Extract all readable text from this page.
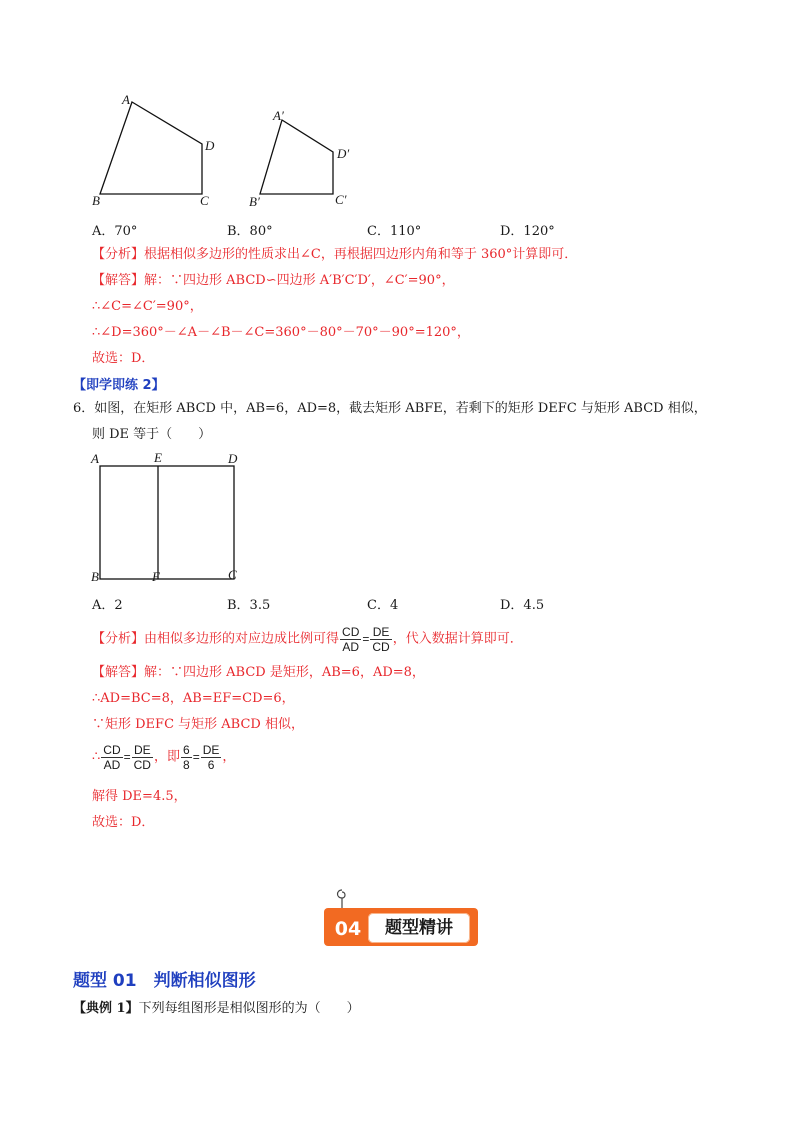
A
D
B	C
A′
D′
B′	C′
A．70°	B．80°	C．110°	D．120°
【分析】根据相似多边形的性质求出∠C，再根据四边形内角和等于 360°计算即可．
【解答】解：∵四边形 ABCD∽四边形 A′B′C′D′，∠C′=90°，
∴∠C=∠C′=90°，
∴∠D=360°－∠A－∠B－∠C=360°－80°－70°－90°=120°，
故选：D．
【即学即练 2】
6．如图，在矩形 ABCD 中，AB=6，AD=8，截去矩形 ABFE，若剩下的矩形 DEFC 与矩形 ABCD 相似，
则 DE 等于（　　）
A	E	D
B	F	C
A．2	B．3.5	C．4	D．4.5
【分析】由相似多边形的对应边成比例可得 $\frac{CD}{AD} = \frac{DE}{CD}$ ，代入数据计算即可．
【解答】解：∵四边形 ABCD 是矩形，AB=6，AD=8，
∴AD=BC=8，AB=EF=CD=6，
∵矩形 DEFC 与矩形 ABCD 相似，
∴ $\frac{CD}{AD} = \frac{DE}{CD}$ ，即 $\frac{6}{8} = \frac{DE}{6}$ ，
解得 DE=4.5，
故选：D．
04	题型精讲
题型 01　判断相似图形
【典例 1】下列每组图形是相似图形的为（　　）
